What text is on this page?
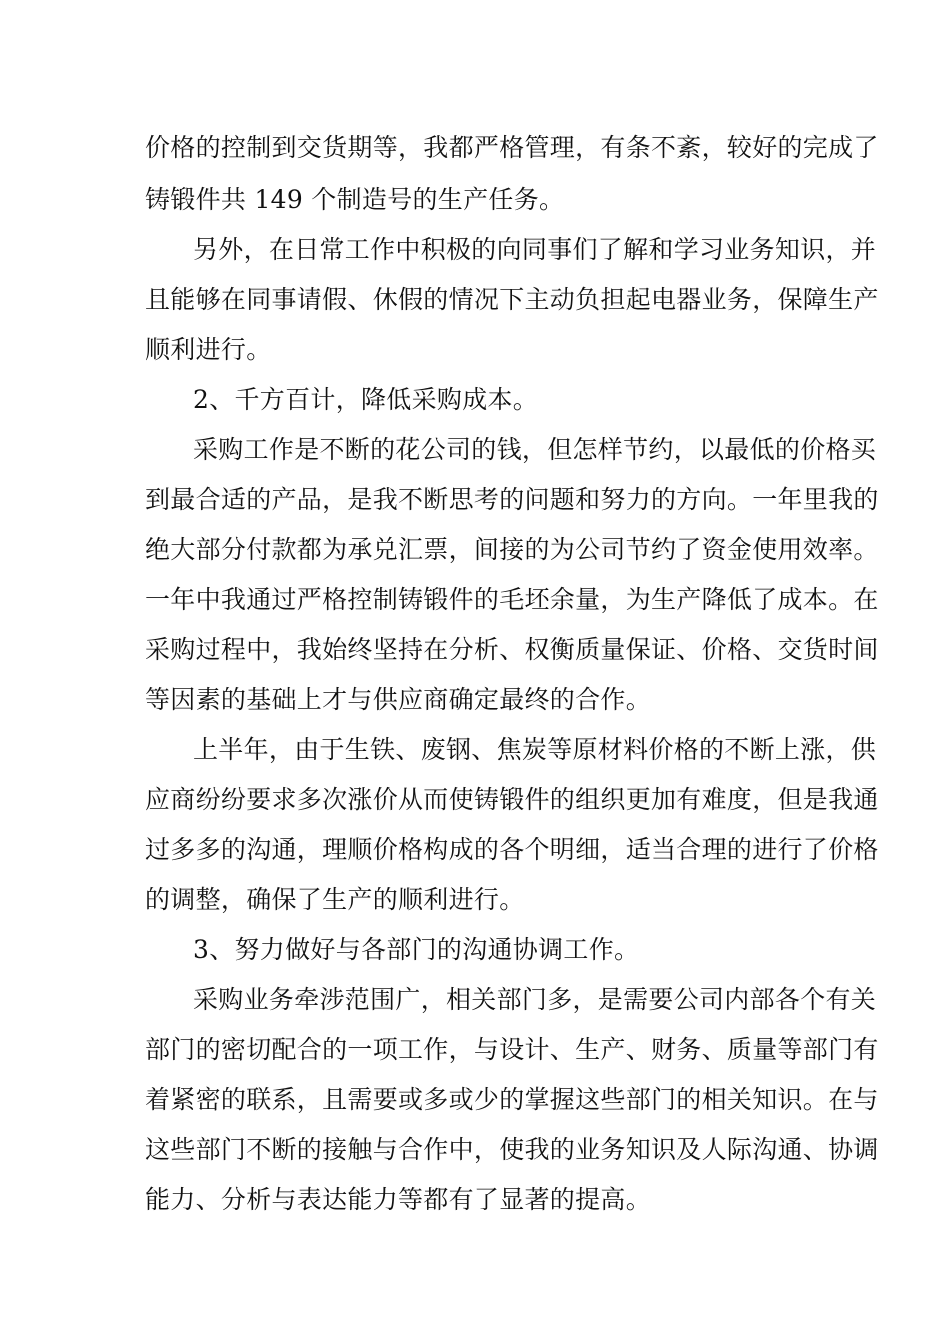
价格的控制到交货期等，我都严格管理，有条不紊，较好的完成了
铸锻件共 149 个制造号的生产任务。
另外，在日常工作中积极的向同事们了解和学习业务知识，并
且能够在同事请假、休假的情况下主动负担起电器业务，保障生产
顺利进行。
2、千方百计，降低采购成本。
采购工作是不断的花公司的钱，但怎样节约，以最低的价格买
到最合适的产品，是我不断思考的问题和努力的方向。一年里我的
绝大部分付款都为承兑汇票，间接的为公司节约了资金使用效率。
一年中我通过严格控制铸锻件的毛坯余量，为生产降低了成本。在
采购过程中，我始终坚持在分析、权衡质量保证、价格、交货时间
等因素的基础上才与供应商确定最终的合作。
上半年，由于生铁、废钢、焦炭等原材料价格的不断上涨，供
应商纷纷要求多次涨价从而使铸锻件的组织更加有难度，但是我通
过多多的沟通，理顺价格构成的各个明细，适当合理的进行了价格
的调整，确保了生产的顺利进行。
3、努力做好与各部门的沟通协调工作。
采购业务牵涉范围广，相关部门多，是需要公司内部各个有关
部门的密切配合的一项工作，与设计、生产、财务、质量等部门有
着紧密的联系，且需要或多或少的掌握这些部门的相关知识。在与
这些部门不断的接触与合作中，使我的业务知识及人际沟通、协调
能力、分析与表达能力等都有了显著的提高。
